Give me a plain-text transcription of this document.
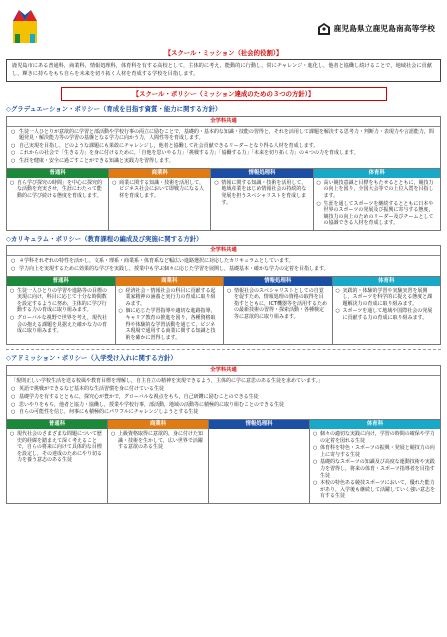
鹿児島県立鹿児島南高等学校
【スクール・ミッション（社会的役割）】
鹿児島市にある普通科，商業科，情報処理科，体育科を有する高校として，主体的に考え，能動的に行動し，常にチャレンジ・進化し，他者と協働し続けることで，地域社会に貢献し，輝きに持ちをもち自らを未来を切り拓く人材を育成する学校を目指します。
【スクール・ポリシー（ミッション達成のための３つの方針）】
◇グラデュエーション・ポリシー（育成を目指す資質・能力に関する方針）
全学科共通
○ 生徒一人ひとりが意欲的に学習と部活動や学校行事の両立に励むことで，基礎的・基本的な知識・技能の習得と，それを活用して課題を解決する思考力・判断力・表現力や言語能力，問題発見・解決能力等の学習の基盤となる学力に向かう力，人間性等を育成します。
○ 自己実現を目指し，どのような課題にも果敢にチャレンジし，他者と協働して社会貢献できるリーダーとなり得る人材を育成します。
○ これからの社会で「生きる力」を身に付けるために，「自他を思いやる力」「挑戦する力」「協働する力」「未来を切り拓く力」の４つの力を育成します。
○ 生涯を健康・安全に過ごすことができる知識と実践力を習得します。
普通科
○ 自ら学び探究の時間」を中心に探究的な活動を充実させ，生涯にわたって能動的に学び続ける態度を育成します。
商業科
○ 商業に関する知識・技術を活用して，ビジネス社会において即戦力になる人材を育成します。
情報処理科
○ 情報に関する知識・技術を活用して，地域産業をはじめ情報社会の持続的な発展を担うスペシャリストを育成します。
体育科
○ 高い競技意識と目標をもたせるとともに，競技力の向上を図り，全国大会等での上位入賞を目指します。
○ 生涯を通してスポーツを継続するとともに日本や世界のスポーツの発展及び振興に寄与する態度，競技力の向上のためのリーダー及びチームとしての協調できる人材を育成します。
◇カリキュラム・ポリシー（教育課程の編成及び実施に関する方針）
全学科共通
○ ４学科それぞれの特性を活かし，文系・理系・商業系・体育系など幅広い進路選択に対応したカリキュラムとしています。
○ 学力向上を実現するために効果的な学びを実践し，授業中も学ぶ個々に応じた学習を展開し，基礎基本・確かな学力の定着を目指します。
普通科
○ 生徒一人ひとりの学習や進路等の目標の実現に向け，科目に応じて十分な時間数を設定するように努め，主体的に学び行動する力の育成に取り組みます。
○ グローバルな視野で世界を考え，現代社会の抱える課題を見据えた確かな力の育成に取り組みます。
商業科
○ 経済社会・情報社会の科目に貢献する起業家精神の涵養と実行力の育成に取り組みます。
○ 個に応じた学習指導や適切な進路指導，キャリア教育の推進を図り，各種資格取得や体験的な学習活動を通じて，ビジネス現場で通用する商業に関する知識と技術を確かに習得します。
情報処理科
○ 情報社会のスペシャリストとしての自覚を促すため，情報処理の資格の取得を目指すとともに，ICT機器等を活用するための最新技術の習得・探索活動・各種検定等に意欲的に取り組みます。
体育科
○ 実践的・体験的学習や実験実習を展開し，スポーツを科学的に捉える態度と課題解決力の育成に取り組みます。
○ スポーツを通して地域や国際社会の発展に貢献する力の育成に取り組みます。
◇アドミッション・ポリシー（入学受け入れに関する方針）
全学科共通
「規則正しい学校生活を送る校風や教育目標を理解し，自主自立の精神を実現できるよう，主体的に学に意思のある生徒を求めています。」
○ 英語で挑戦ができるなど基本的な生活習慣を身に付けている生徒
○ 基礎学力を有するとともに，探究心が豊かで，グローバルな視点をもち，自己研鑽に励むことのできる生徒
○ 思いやりをもち，他者と協力・協働し，授業や学校行事，部活動，地域の活動等に積極的に取り組むことのできる生徒
○ 自らの可能性を信じ，何事にも積極的にパワフルにチャレンジしようとする生徒
普通科
○ 現代社会のさまざまな問題について歴史的経緯を踏まえて深く考えることで，自らの将来に向けて具体的な目標を設定し，その達成のためにやり切る力を養う意志のある生徒
商業科
○ 上級資格取得に意欲的，身に付けた知識・技術を生かして，広い世界で活躍する意欲のある生徒
情報処理科	体育科
○ 個々の適切な実践に向け，学習の時間の確保や学力の定着を図れる生徒
○ 体育科を特色・スポーツの振興・発展と競技力の向上に寄与する生徒
○ 基礎的なスポーツの知識及び高度な運動技術や実践力を習得し，将来の体育・スポーツ指導者を目指す生徒
○ 本校の特色ある競技スポーツにおいて，優れた能力があり，入学後も継続して活躍していく強い意志を有する生徒
